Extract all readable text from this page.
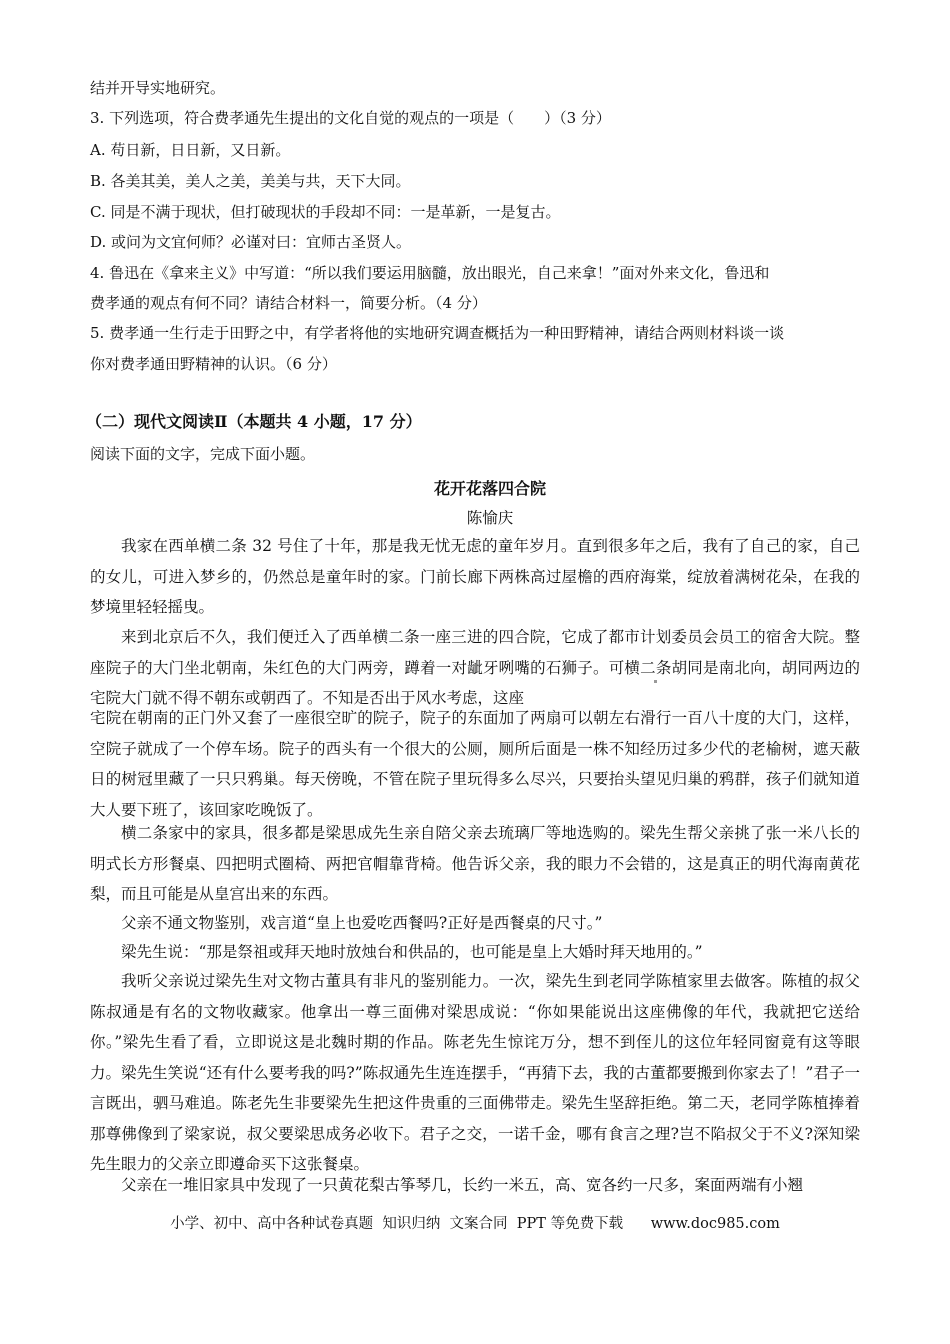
结并开导实地研究。
3. 下列选项，符合费孝通先生提出的文化自觉的观点的一项是（　　）（3 分）
A. 苟日新，日日新，又日新。
B. 各美其美，美人之美，美美与共，天下大同。
C. 同是不满于现状，但打破现状的手段却不同：一是革新，一是复古。
D. 或问为文宜何师？必谨对曰：宜师古圣贤人。
4. 鲁迅在《拿来主义》中写道：“所以我们要运用脑髓，放出眼光，自己来拿！”面对外来文化，鲁迅和
费孝通的观点有何不同？请结合材料一，简要分析。（4 分）
5. 费孝通一生行走于田野之中，有学者将他的实地研究调查概括为一种田野精神，请结合两则材料谈一谈
你对费孝通田野精神的认识。（6 分）
（二）现代文阅读Ⅱ（本题共 4 小题，17 分）
阅读下面的文字，完成下面小题。
花开花落四合院
陈愉庆
我家在西单横二条 32 号住了十年，那是我无忧无虑的童年岁月。直到很多年之后，我有了自己的家，自己的女儿，可进入梦乡的，仍然总是童年时的家。门前长廊下两株高过屋檐的西府海棠，绽放着满树花朵，在我的梦境里轻轻摇曳。
来到北京后不久，我们便迁入了西单横二条一座三进的四合院，它成了都市计划委员会员工的宿舍大院。整座院子的大门坐北朝南，朱红色的大门两旁，蹲着一对龇牙咧嘴的石狮子。可横二条胡同是南北向，胡同两边的宅院大门就不得不朝东或朝西了。不知是否出于风水考虑，这座
宅院在朝南的正门外又套了一座很空旷的院子，院子的东面加了两扇可以朝左右滑行一百八十度的大门，这样，空院子就成了一个停车场。院子的西头有一个很大的公厕，厕所后面是一株不知经历过多少代的老榆树，遮天蔽日的树冠里藏了一只只鸦巢。每天傍晚，不管在院子里玩得多么尽兴，只要抬头望见归巢的鸦群，孩子们就知道大人要下班了，该回家吃晚饭了。
横二条家中的家具，很多都是梁思成先生亲自陪父亲去琉璃厂等地选购的。梁先生帮父亲挑了张一米八长的明式长方形餐桌、四把明式圈椅、两把官帽靠背椅。他告诉父亲，我的眼力不会错的，这是真正的明代海南黄花梨，而且可能是从皇宫出来的东西。
父亲不通文物鉴别，戏言道“皇上也爱吃西餐吗?正好是西餐桌的尺寸。”
梁先生说：“那是祭祖或拜天地时放烛台和供品的，也可能是皇上大婚时拜天地用的。”
我听父亲说过梁先生对文物古董具有非凡的鉴别能力。一次，梁先生到老同学陈植家里去做客。陈植的叔父陈叔通是有名的文物收藏家。他拿出一尊三面佛对梁思成说：“你如果能说出这座佛像的年代，我就把它送给你。”梁先生看了看，立即说这是北魏时期的作品。陈老先生惊诧万分，想不到侄儿的这位年轻同窗竟有这等眼力。梁先生笑说“还有什么要考我的吗?”陈叔通先生连连摆手，“再猜下去，我的古董都要搬到你家去了！”君子一言既出，驷马难追。陈老先生非要梁先生把这件贵重的三面佛带走。梁先生坚辞拒绝。第二天，老同学陈植捧着那尊佛像到了梁家说，叔父要梁思成务必收下。君子之交，一诺千金，哪有食言之理?岂不陷叔父于不义?深知梁先生眼力的父亲立即遵命买下这张餐桌。
父亲在一堆旧家具中发现了一只黄花梨古筝琴几，长约一米五，高、宽各约一尺多，案面两端有小翘
小学、初中、高中各种试卷真题  知识归纳  文案合同  PPT 等免费下载      www.doc985.com
